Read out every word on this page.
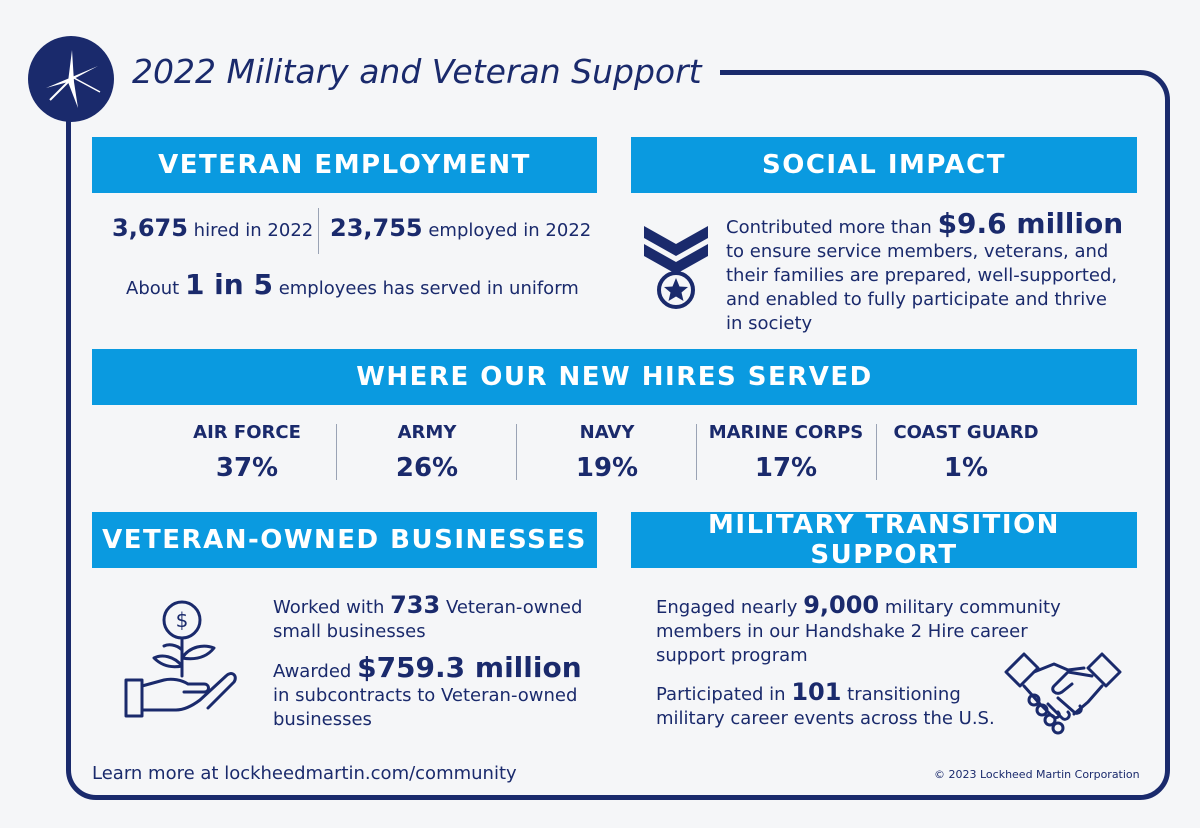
2022 Military and Veteran Support
VETERAN EMPLOYMENT
3,675 hired in 2022 23,755 employed in 2022
About 1 in 5 employees has served in uniform
SOCIAL IMPACT
Contributed more than $9.6 million
to ensure service members, veterans, and
their families are prepared, well-supported,
and enabled to fully participate and thrive
in society
WHERE OUR NEW HIRES SERVED
AIR FORCE
37%
ARMY
26%
NAVY
19%
MARINE CORPS
17%
COAST GUARD
1%
VETERAN-OWNED BUSINESSES
$
Worked with 733 Veteran-owned
small businesses
Awarded $759.3 million
in subcontracts to Veteran-owned
businesses
MILITARY TRANSITION SUPPORT
Engaged nearly 9,000 military community
members in our Handshake 2 Hire career
support program
Participated in 101 transitioning
military career events across the U.S.
Learn more at lockheedmartin.com/community	© 2023 Lockheed Martin Corporation
